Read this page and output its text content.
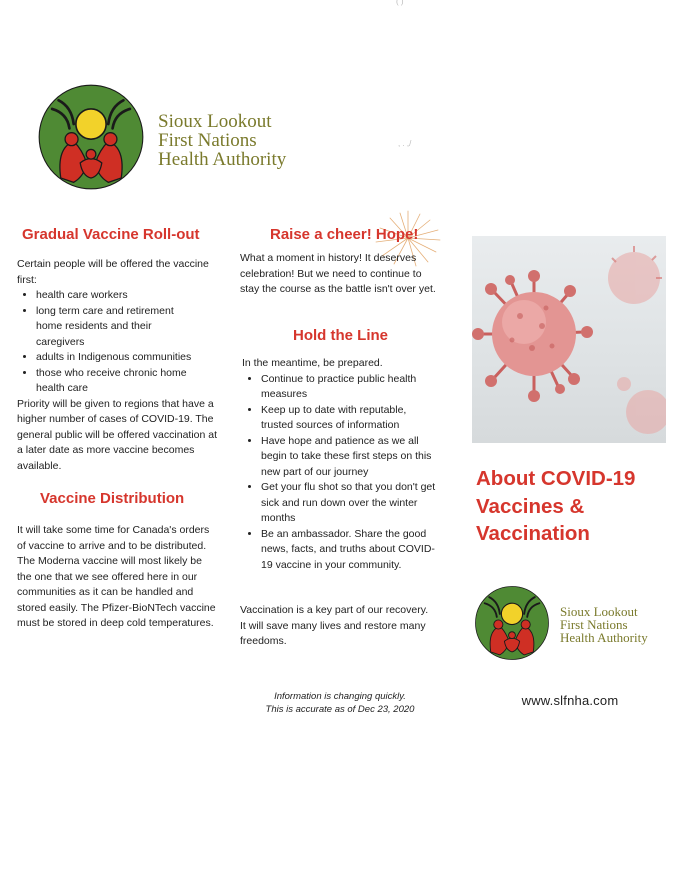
( )
, . ,/
Sioux Lookout
First Nations
Health Authority
Gradual Vaccine Roll-out

Certain people will be offered the vaccine first:

• health care workers
• long term care and retirement home residents and their caregivers
• adults in Indigenous communities
• those who receive chronic home health care

Priority will be given to regions that have a higher number of cases of COVID-19. The general public will be offered vaccination at a later date as more vaccine becomes available.

Vaccine Distribution

It will take some time for Canada's orders of vaccine to arrive and to be distributed. The Moderna vaccine will most likely be the one that we see offered here in our communities as it can be handled and stored easily. The Pfizer-BioNTech vaccine must be stored in deep cold temperatures.

Raise a cheer! Hope!

What a moment in history! It deserves celebration! But we need to continue to stay the course as the battle isn't over yet.

Hold the Line

In the meantime, be prepared.

• Continue to practice public health measures
• Keep up to date with reputable, trusted sources of information
• Have hope and patience as we all begin to take these first steps on this new part of our journey
• Get your flu shot so that you don't get sick and run down over the winter months
• Be an ambassador. Share the good news, facts, and truths about COVID-19 vaccine in your community.

Vaccination is a key part of our recovery. It will save many lives and restore many freedoms.

Information is changing quickly.
This is accurate as of Dec 23, 2020
About COVID-19
Vaccines &
Vaccination
Sioux Lookout
First Nations
Health Authority
www.slfnha.com
